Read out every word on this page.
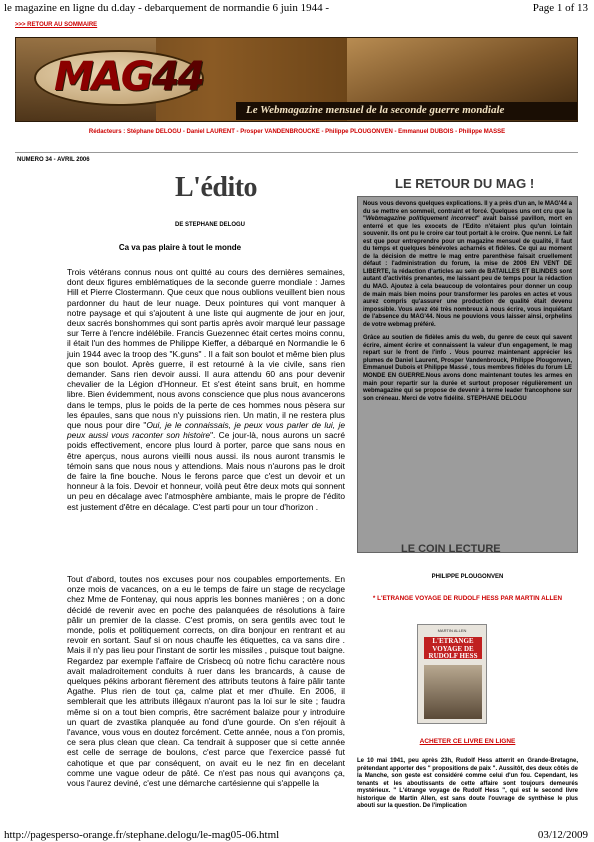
le magazine en ligne du d.day - debarquement de normandie 6 juin 1944 -	Page 1 of 13
>>> RETOUR AU SOMMAIRE
MAG44
Le Webmagazine mensuel de la seconde guerre mondiale
Rédacteurs : Stéphane DELOGU - Daniel LAURENT - Prosper VANDENBROUCKE - Philippe PLOUGONVEN - Emmanuel DUBOIS - Philippe MASSE
NUMERO 34 - AVRIL 2006
L'édito
DE STEPHANE DELOGU
Ca va pas plaire à tout le monde

Trois vétérans connus nous ont quitté au cours des dernières semaines, dont deux figures emblématiques de la seconde guerre mondiale : James Hill et Pierre Clostermann. Que ceux que nous oublions veuillent bien nous pardonner du haut de leur nuage. Deux pointures qui vont manquer à notre paysage et qui s'ajoutent à une liste qui augmente de jour en jour, deux sacrés bonshommes qui sont partis après avoir marqué leur passage sur Terre à l'encre indélébile. Francis Guezennec était certes moins connu, il était l'un des hommes de Philippe Kieffer, a débarqué en Normandie le 6 juin 1944 avec la troop des "K.guns" . Il a fait son boulot et même bien plus que son boulot. Après guerre, il est retourné à la vie civile, sans rien demander. Sans rien devoir aussi. Il aura attendu 60 ans pour devenir chevalier de la Légion d'Honneur. Et s'est éteint sans bruit, en homme libre. Bien évidemment, nous avons conscience que plus nous avancerons dans le temps, plus le poids de la perte de ces hommes nous pèsera sur les épaules, sans que nous n'y puissions rien. Un matin, il ne restera plus que nous pour dire "Oui, je le connaissais, je peux vous parler de lui, je peux aussi vous raconter son histoire". Ce jour-là, nous aurons un sacré poids effectivement, encore plus lourd à porter, parce que sans nous en être aperçus, nous aurons vieilli nous aussi. ils nous auront transmis le témoin sans que nous nous y attendions. Mais nous n'aurons pas le droit de faire la fine bouche. Nous le ferons parce que c'est un devoir et un honneur à la fois. Devoir et honneur, voilà peut être deux mots qui sonnent un peu en décalage avec l'atmosphère ambiante, mais le propre de l'édito est justement d'être en décalage. C'est parti pour un tour d'horizon .

Tout d'abord, toutes nos excuses pour nos coupables emportements. En onze mois de vacances, on a eu le temps de faire un stage de recyclage chez Mme de Fontenay, qui nous appris les bonnes manières ; on a donc décidé de revenir avec en poche des palanquées de résolutions à faire pâlir un premier de la classe. C'est promis, on sera gentils avec tout le monde, polis et politiquement corrects, on dira bonjour en rentrant et au revoir en sortant. Sauf si on nous chauffe les étiquettes, ca va sans dire . Mais il n'y pas lieu pour l'instant de sortir les missiles , puisque tout baigne. Regardez par exemple l'affaire de Crisbecq où notre fichu caractère nous avait maladroitement conduits à ruer dans les brancards, à cause de quelques pékins arborant fièrement des attributs teutons à faire pâlir tante Agathe. Plus rien de tout ça, calme plat et mer d'huile. En 2006, il semblerait que les attributs illégaux n'auront pas la loi sur le site ; faudra même si on a tout bien compris, être sacrément balaize pour y introduire un quart de zvastika planquée au fond d'une gourde. On s'en réjouit à l'avance, vous vous en doutez forcément. Cette année, nous a t'on promis, ce sera plus clean que clean. Ca tendrait à supposer que si cette année est celle de serrage de boulons, c'est parce que l'exercice passé fut cahotique et que par conséquent, on avait eu le nez fin en decelant comme une vague odeur de pâté. Ce n'est pas nous qui avançons ça, vous l'aurez deviné, c'est une démarche cartésienne qui s'appelle la

LE RETOUR DU MAG !

Nous vous devons quelques explications. Il y a près d'un an, le MAG'44 a du se mettre en sommeil, contraint et forcé. Quelques uns ont cru que la "Webmagazine politiquement incorrect" avait baissé pavillon, mort en enterré et que les exocets de l'Edito n'étaient plus qu'un lointain souvenir. Ils ont pu le croire car tout portait à le croire. Que nenni. Le fait est que pour entreprendre pour un magazine mensuel de qualité, il faut du temps et quelques bénévoles acharnés et fidèles. Ce qui au moment de la décision de mettre le mag entre parenthèse faisait cruellement défaut : l'administration du forum, la mise de 2006 EN VENT DE LIBERTE, la rédaction d'articles au sein de BATAILLES ET BLINDES sont autant d'activités prenantes, me laissant peu de temps pour la rédaction du MAG. Ajoutez à cela beaucoup de volontaires pour donner un coup de main mais bien moins pour transformer les paroles en actes et vous aurez compris qu'assurer une production de qualité était devenu impossible. Vous avez été très nombreux à nous écrire, vous inquiétant de l'absence du MAG'44. Nous ne pouvions vous laisser ainsi, orphelins de votre webmag préféré.

Grâce au soutien de fidèles amis du web, du genre de ceux qui savent écrire, aiment écrire et connaissent la valeur d'un engagement, le mag repart sur le front de l'info . Vous pourrez maintenant apprécier les plumes de Daniel Laurent, Prosper Vandenbrouck, Philippe Plougonven, Emmanuel Dubois et Philippe Massé , tous membres fidèles du forum LE MONDE EN GUERRE.Nous avons donc maintenant toutes les armes en main pour repartir sur la durée et surtout proposer régulièrement un webmagazine qui se propose de devenir à terme leader francophone sur son créneau. Merci de votre fidélité. STEPHANE DELOGU

LE COIN LECTURE
PHILIPPE PLOUGONVEN
* L'ETRANGE VOYAGE DE RUDOLF HESS PAR MARTIN ALLEN
MARTIN ALLEN
L'ETRANGE VOYAGE DE RUDOLF HESS
ACHETER CE LIVRE EN LIGNE

Le 10 mai 1941, peu après 23h, Rudolf Hess atterrit en Grande-Bretagne, prétendant apporter des " propositions de paix ". Aussitôt, des deux côtés de la Manche, son geste est considéré comme celui d'un fou. Cependant, les tenants et les aboutissants de cette affaire sont toujours demeurés mystérieux. " L'étrange voyage de Rudolf Hess ", qui est le second livre historique de Martin Allen, est sans doute l'ouvrage de synthèse le plus abouti sur la question. De l'implication

http://pagesperso-orange.fr/stephane.delogu/le-mag05-06.html	03/12/2009
